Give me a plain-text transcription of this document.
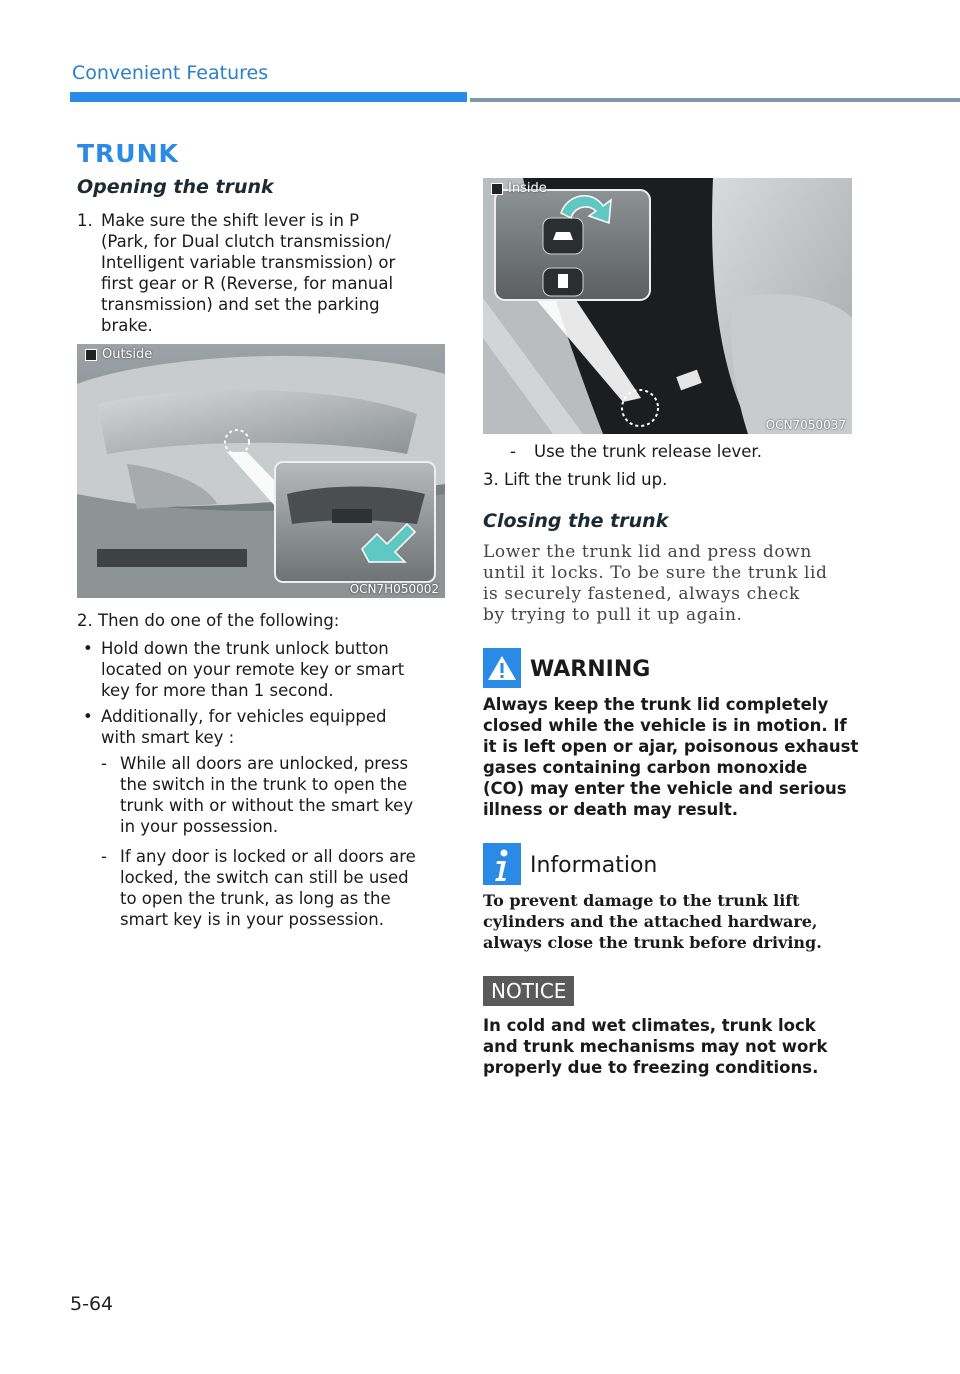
Convenient Features
TRUNK
Opening the trunk
1. Make sure the shift lever is in P
(Park, for Dual clutch transmission/
Intelligent variable transmission) or
first gear or R (Reverse, for manual
transmission) and set the parking
brake.
Outside
OCN7H050002
2. Then do one of the following:
• Hold down the trunk unlock button
located on your remote key or smart
key for more than 1 second.
• Additionally, for vehicles equipped
with smart key :
- While all doors are unlocked, press
the switch in the trunk to open the
trunk with or without the smart key
in your possession.
- If any door is locked or all doors are
locked, the switch can still be used
to open the trunk, as long as the
smart key is in your possession.
Inside
OCN7050037
- Use the trunk release lever.
3. Lift the trunk lid up.
Closing the trunk
Lower the trunk lid and press down
until it locks. To be sure the trunk lid
is securely fastened, always check
by trying to pull it up again.
WARNING
Always keep the trunk lid completely
closed while the vehicle is in motion. If
it is left open or ajar, poisonous exhaust
gases containing carbon monoxide
(CO) may enter the vehicle and serious
illness or death may result.
Information
To prevent damage to the trunk lift
cylinders and the attached hardware,
always close the trunk before driving.
NOTICE
In cold and wet climates, trunk lock
and trunk mechanisms may not work
properly due to freezing conditions.
5-64
